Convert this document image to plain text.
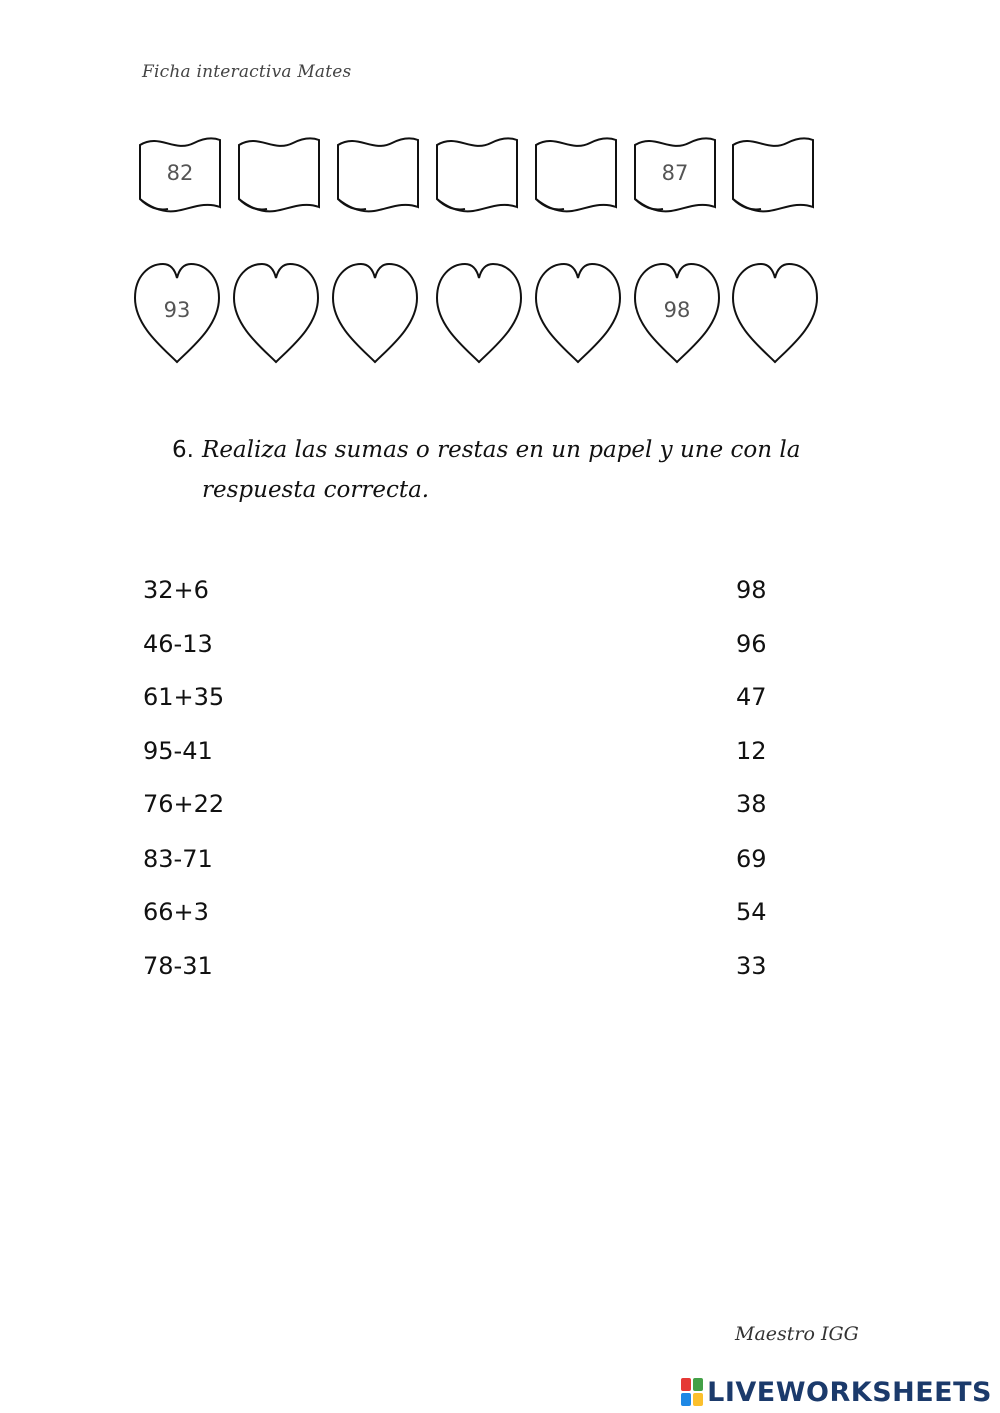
Ficha interactiva Mates
82
87
93
98
6. Realiza las sumas o restas en un papel y une con la
respuesta correcta.
32+6
46-13
61+35
95-41
76+22
83-71
66+3
78-31
98
96
47
12
38
69
54
33
Maestro IGG
LIVEWORKSHEETS
